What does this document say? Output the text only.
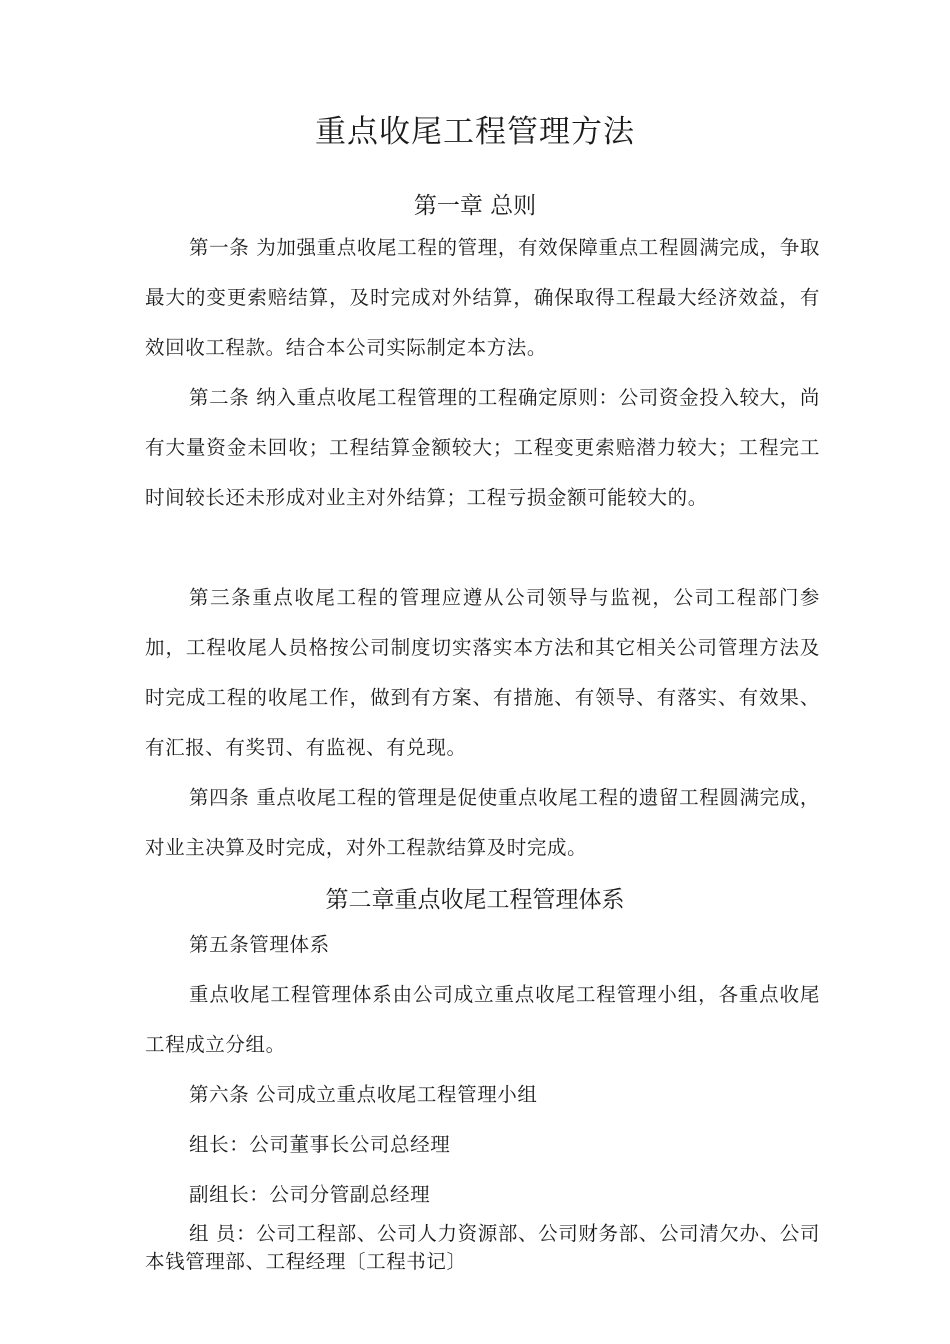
重点收尾工程管理方法
第一章 总则

第一条 为加强重点收尾工程的管理，有效保障重点工程圆满完成，争取最大的变更索赔结算，及时完成对外结算，确保取得工程最大经济效益，有效回收工程款。结合本公司实际制定本方法。

第二条 纳入重点收尾工程管理的工程确定原则：公司资金投入较大，尚有大量资金未回收；工程结算金额较大；工程变更索赔潜力较大；工程完工时间较长还未形成对业主对外结算；工程亏损金额可能较大的。

第三条重点收尾工程的管理应遵从公司领导与监视，公司工程部门参加，工程收尾人员格按公司制度切实落实本方法和其它相关公司管理方法及时完成工程的收尾工作，做到有方案、有措施、有领导、有落实、有效果、有汇报、有奖罚、有监视、有兑现。

第四条 重点收尾工程的管理是促使重点收尾工程的遗留工程圆满完成，对业主决算及时完成，对外工程款结算及时完成。

第二章重点收尾工程管理体系

第五条管理体系

重点收尾工程管理体系由公司成立重点收尾工程管理小组，各重点收尾工程成立分组。

第六条 公司成立重点收尾工程管理小组

组长：公司董事长公司总经理

副组长：公司分管副总经理

组 员：公司工程部、公司人力资源部、公司财务部、公司清欠办、公司本钱管理部、工程经理〔工程书记〕
